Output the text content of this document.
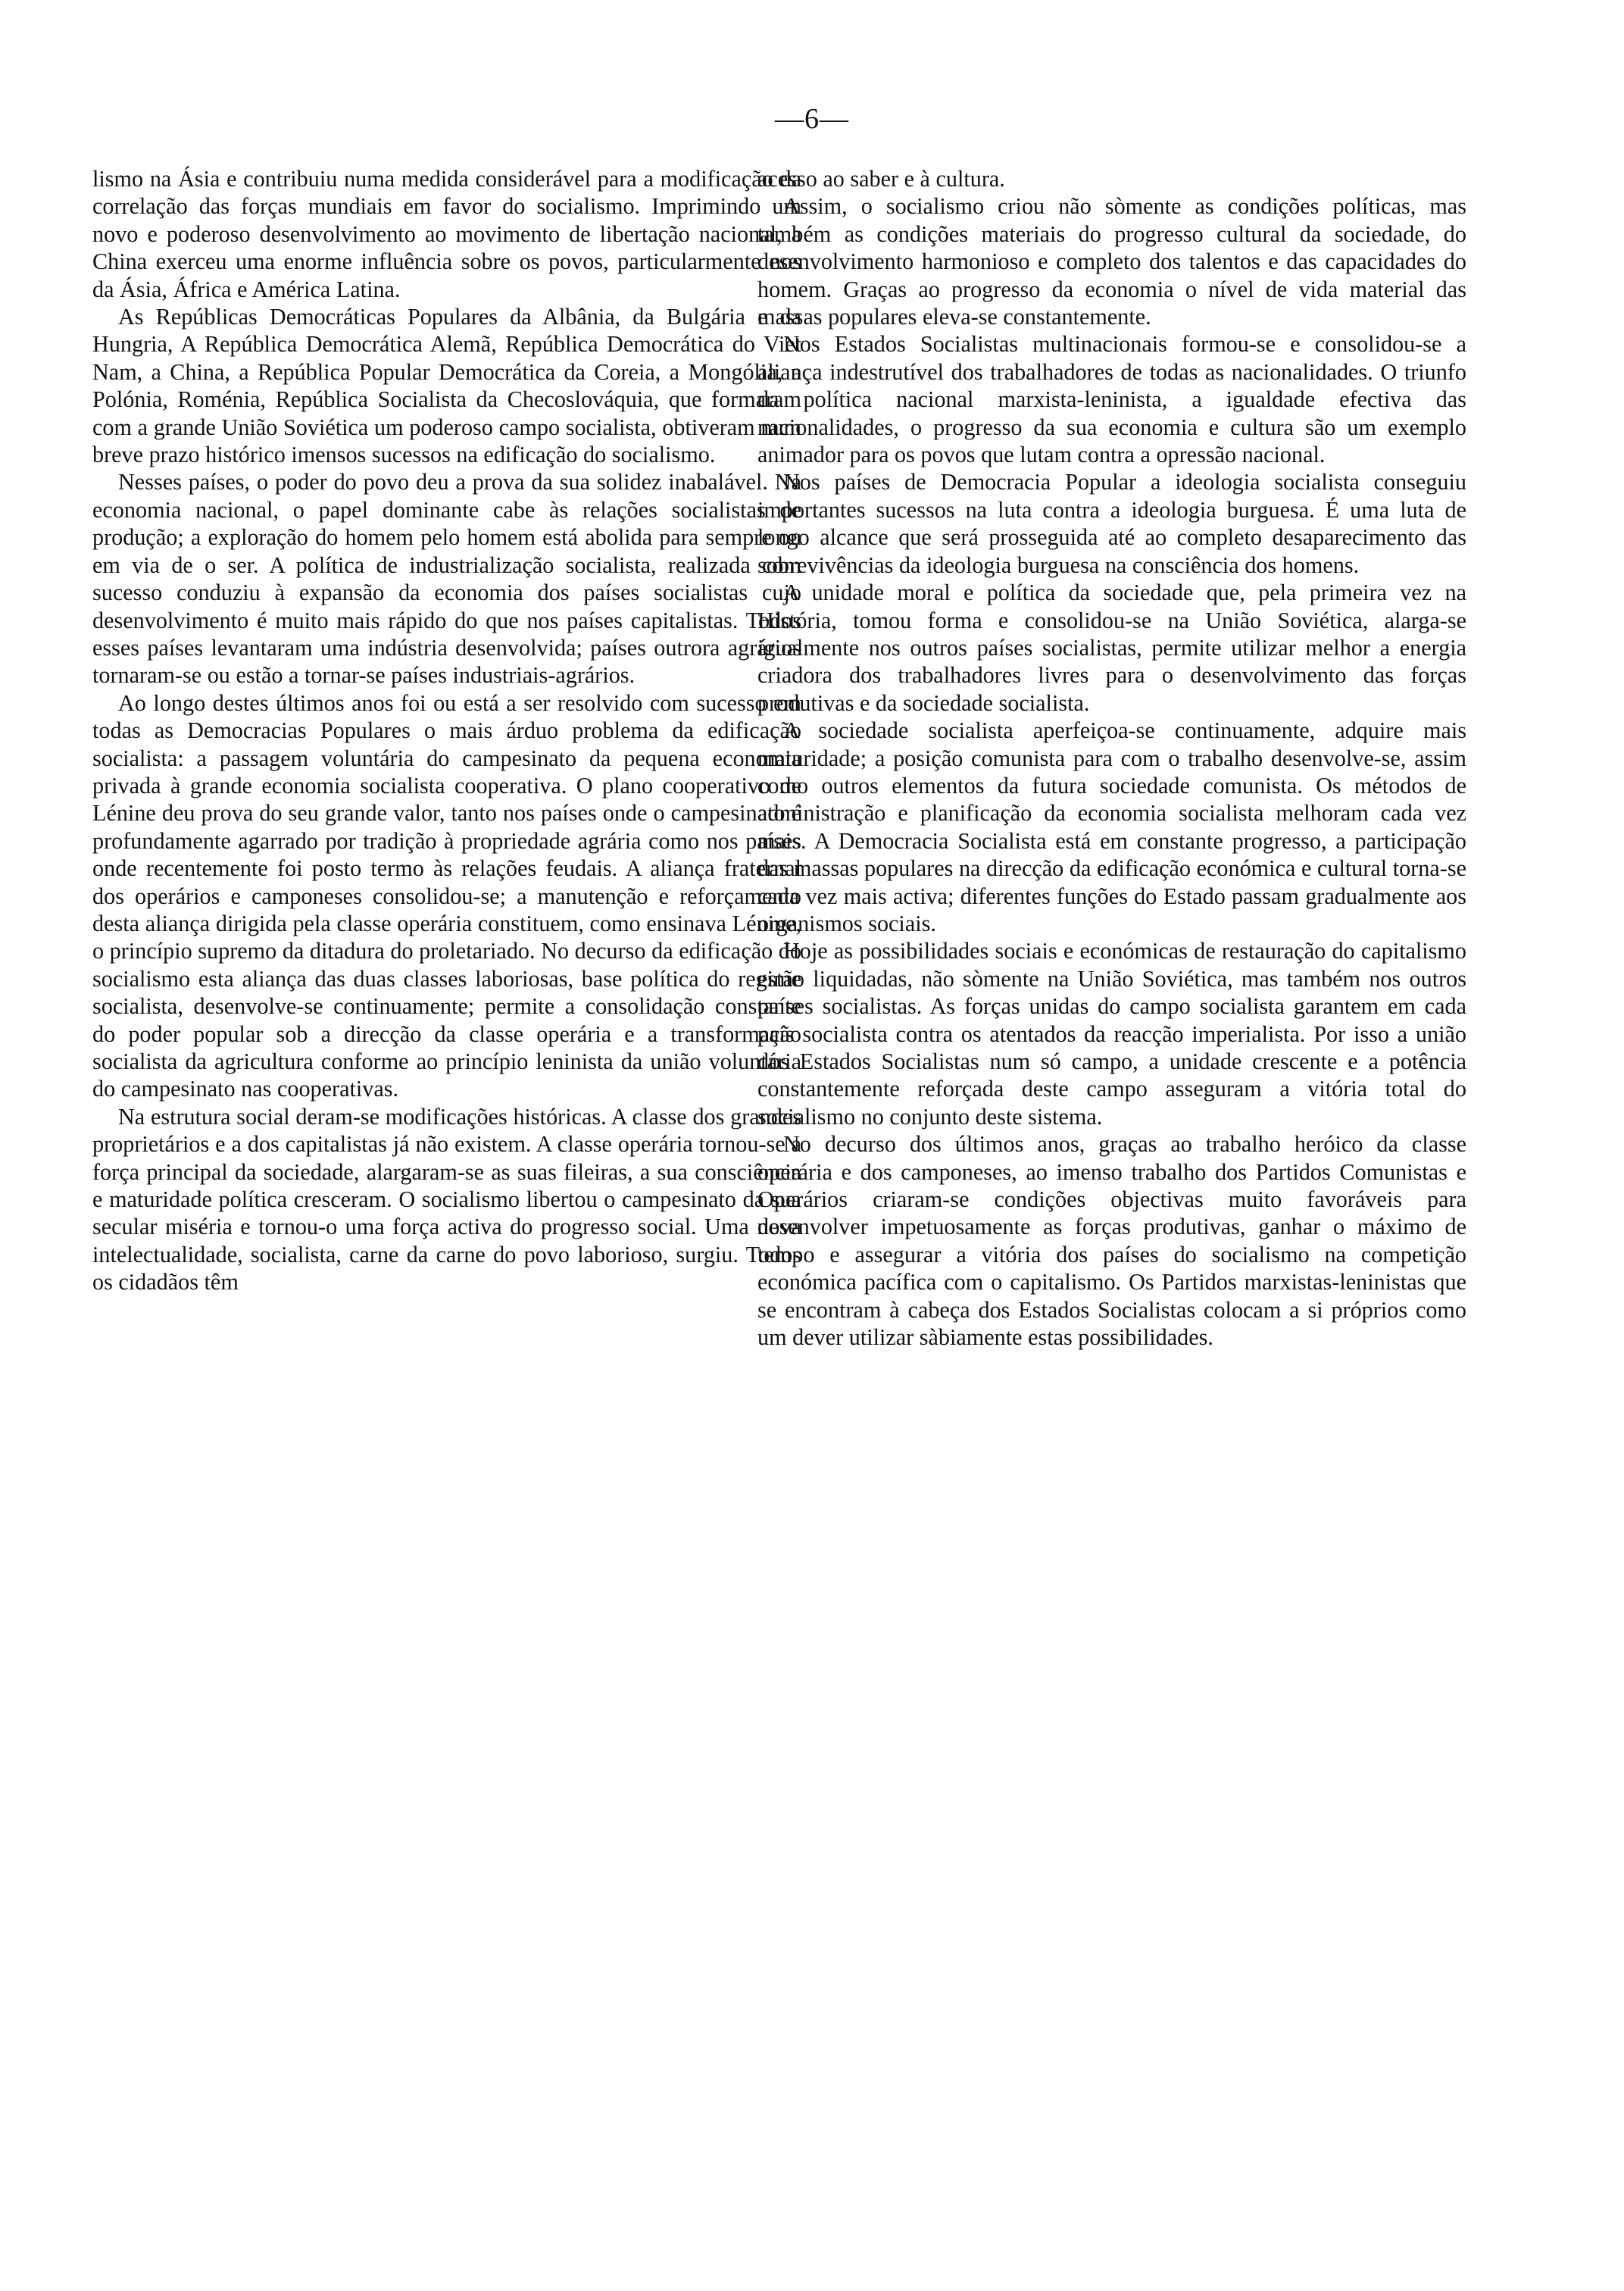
—6—

lismo na Ásia e contribuiu numa medida considerável para a modificação da correlação das forças mundiais em favor do socialismo. Imprimindo um novo e poderoso desenvolvimento ao movimento de libertação nacional, a China exerceu uma enorme influência sobre os povos, particularmente nos da Ásia, África e América Latina.

As Repúblicas Democráticas Populares da Albânia, da Bulgária e da Hungria, A República Democrática Alemã, República Democrática do Viet Nam, a China, a República Popular Democrática da Coreia, a Mongólia, a Polónia, Roménia, República Socialista da Checoslováquia, que formaram com a grande União Soviética um poderoso campo socialista, obtiveram num breve prazo histórico imensos sucessos na edificação do socialismo.

Nesses países, o poder do povo deu a prova da sua solidez inabalável. Na economia nacional, o papel dominante cabe às relações socialistas de produção; a exploração do homem pelo homem está abolida para sempre ou em via de o ser. A política de industrialização socialista, realizada com sucesso conduziu à expansão da economia dos países socialistas cujo desenvolvimento é muito mais rápido do que nos países capitalistas. Todos esses países levantaram uma indústria desenvolvida; países outrora agrários tornaram-se ou estão a tornar-se países industriais-agrários.

Ao longo destes últimos anos foi ou está a ser resolvido com sucesso em todas as Democracias Populares o mais árduo problema da edificação socialista: a passagem voluntária do campesinato da pequena economia privada à grande economia socialista cooperativa. O plano cooperativo de Lénine deu prova do seu grande valor, tanto nos países onde o campesinato é profundamente agarrado por tradição à propriedade agrária como nos países onde recentemente foi posto termo às relações feudais. A aliança fraternal dos operários e camponeses consolidou-se; a manutenção e reforçamento desta aliança dirigida pela classe operária constituem, como ensinava Lénine, o princípio supremo da ditadura do proletariado. No decurso da edificação do socialismo esta aliança das duas classes laboriosas, base política do regime socialista, desenvolve-se continuamente; permite a consolidação constante do poder popular sob a direcção da classe operária e a transformação socialista da agricultura conforme ao princípio leninista da união voluntária do campesinato nas cooperativas.

Na estrutura social deram-se modificações históricas. A classe dos grandes proprietários e a dos capitalistas já não existem. A classe operária tornou-se a força principal da sociedade, alargaram-se as suas fileiras, a sua consciência e maturidade política cresceram. O socialismo libertou o campesinato da sua secular miséria e tornou-o uma força activa do progresso social. Uma nova intelectualidade, socialista, carne da carne do povo laborioso, surgiu. Todos os cidadãos têm

acesso ao saber e à cultura.

Assim, o socialismo criou não sòmente as condições políticas, mas também as condições materiais do progresso cultural da sociedade, do desenvolvimento harmonioso e completo dos talentos e das capacidades do homem. Graças ao progresso da economia o nível de vida material das massas populares eleva-se constantemente.

Nos Estados Socialistas multinacionais formou-se e consolidou-se a aliança indestrutível dos trabalhadores de todas as nacionalidades. O triunfo da política nacional marxista-leninista, a igualdade efectiva das nacionalidades, o progresso da sua economia e cultura são um exemplo animador para os povos que lutam contra a opressão nacional.

Nos países de Democracia Popular a ideologia socialista conseguiu importantes sucessos na luta contra a ideologia burguesa. É uma luta de longo alcance que será prosseguida até ao completo desaparecimento das sobrevivências da ideologia burguesa na consciência dos homens.

A unidade moral e política da sociedade que, pela primeira vez na História, tomou forma e consolidou-se na União Soviética, alarga-se igualmente nos outros países socialistas, permite utilizar melhor a energia criadora dos trabalhadores livres para o desenvolvimento das forças produtivas e da sociedade socialista.

A sociedade socialista aperfeiçoa-se continuamente, adquire mais maturidade; a posição comunista para com o trabalho desenvolve-se, assim como outros elementos da futura sociedade comunista. Os métodos de administração e planificação da economia socialista melhoram cada vez mais. A Democracia Socialista está em constante progresso, a participação das massas populares na direcção da edificação económica e cultural torna-se cada vez mais activa; diferentes funções do Estado passam gradualmente aos organismos sociais.

Hoje as possibilidades sociais e económicas de restauração do capitalismo estão liquidadas, não sòmente na União Soviética, mas também nos outros países socialistas. As forças unidas do campo socialista garantem em cada país socialista contra os atentados da reacção imperialista. Por isso a união dos Estados Socialistas num só campo, a unidade crescente e a potência constantemente reforçada deste campo asseguram a vitória total do socialismo no conjunto deste sistema.

No decurso dos últimos anos, graças ao trabalho heróico da classe operária e dos camponeses, ao imenso trabalho dos Partidos Comunistas e Operários criaram-se condições objectivas muito favoráveis para desenvolver impetuosamente as forças produtivas, ganhar o máximo de tempo e assegurar a vitória dos países do socialismo na competição económica pacífica com o capitalismo. Os Partidos marxistas-leninistas que se encontram à cabeça dos Estados Socialistas colocam a si próprios como um dever utilizar sàbiamente estas possibilidades.
